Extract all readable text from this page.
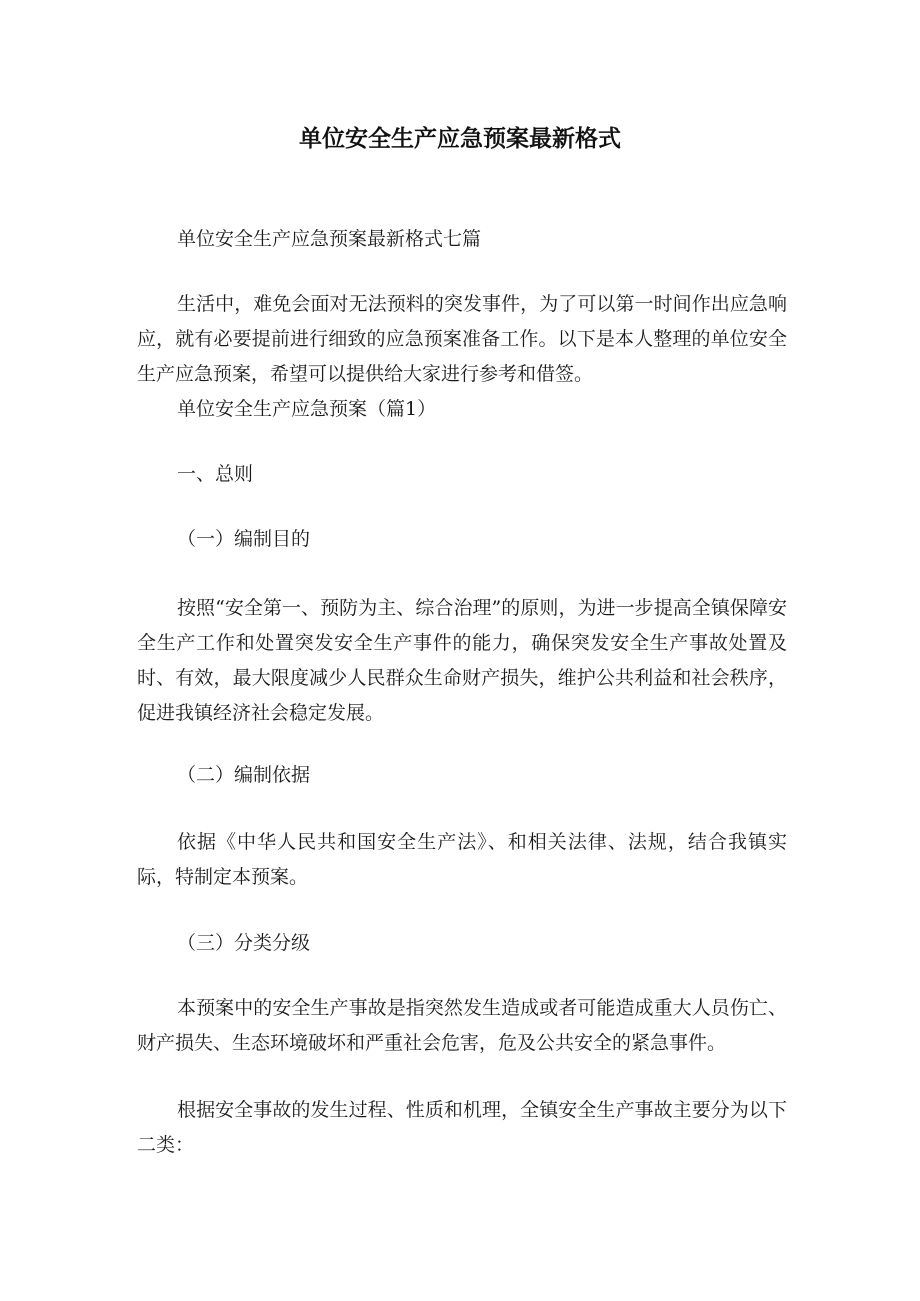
单位安全生产应急预案最新格式
单位安全生产应急预案最新格式七篇
生活中，难免会面对无法预料的突发事件，为了可以第一时间作出应急响应，就有必要提前进行细致的应急预案准备工作。以下是本人整理的单位安全生产应急预案，希望可以提供给大家进行参考和借签。
单位安全生产应急预案（篇1）
一、总则
（一）编制目的
按照“安全第一、预防为主、综合治理”的原则，为进一步提高全镇保障安全生产工作和处置突发安全生产事件的能力，确保突发安全生产事故处置及时、有效，最大限度减少人民群众生命财产损失，维护公共利益和社会秩序，促进我镇经济社会稳定发展。
（二）编制依据
依据《中华人民共和国安全生产法》、和相关法律、法规，结合我镇实际，特制定本预案。
（三）分类分级
本预案中的安全生产事故是指突然发生造成或者可能造成重大人员伤亡、财产损失、生态环境破坏和严重社会危害，危及公共安全的紧急事件。
根据安全事故的发生过程、性质和机理，全镇安全生产事故主要分为以下二类：
